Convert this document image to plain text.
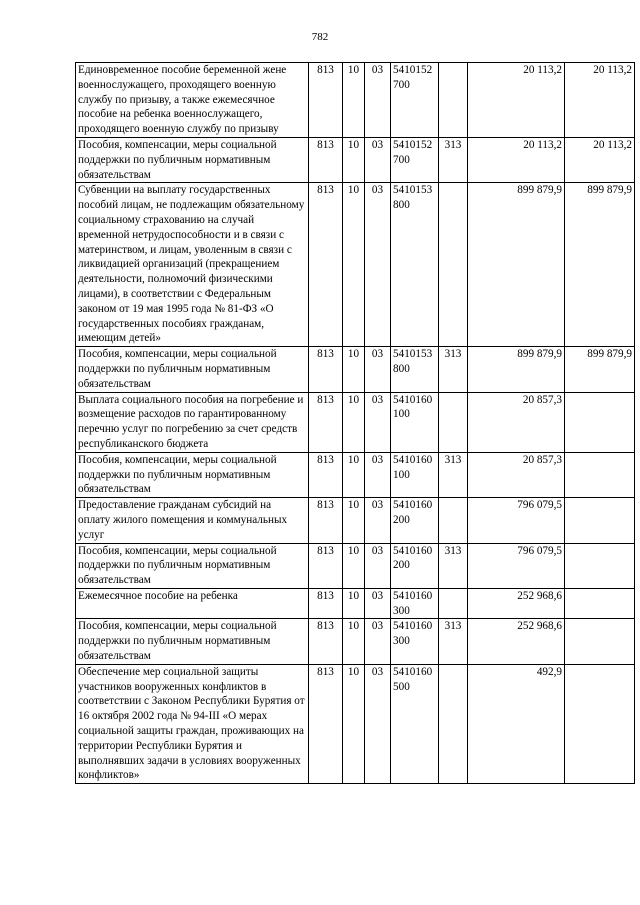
782
Единовременное пособие беременной жене военнослужащего, проходящего военную службу по призыву, а также ежемесячное пособие на ребенка военнослужащего, проходящего военную службу по призыву	813	10	03	5410152700		20 113,2	20 113,2
Пособия, компенсации, меры социальной поддержки по публичным нормативным обязательствам	813	10	03	5410152700	313	20 113,2	20 113,2
Субвенции на выплату государственных пособий лицам, не подлежащим обязательному социальному страхованию на случай временной нетрудоспособности и в связи с материнством, и лицам, уволенным в связи с ликвидацией организаций (прекращением деятельности, полномочий физическими лицами), в соответствии с Федеральным законом от 19 мая 1995 года № 81-ФЗ «О государственных пособиях гражданам, имеющим детей»	813	10	03	5410153800		899 879,9	899 879,9
Пособия, компенсации, меры социальной поддержки по публичным нормативным обязательствам	813	10	03	5410153800	313	899 879,9	899 879,9
Выплата социального пособия на погребение и возмещение расходов по гарантированному перечню услуг по погребению за счет средств республиканского бюджета	813	10	03	5410160100		20 857,3	
Пособия, компенсации, меры социальной поддержки по публичным нормативным обязательствам	813	10	03	5410160100	313	20 857,3	
Предоставление гражданам субсидий на оплату жилого помещения и коммунальных услуг	813	10	03	5410160200		796 079,5	
Пособия, компенсации, меры социальной поддержки по публичным нормативным обязательствам	813	10	03	5410160200	313	796 079,5	
Ежемесячное пособие на ребенка	813	10	03	5410160300		252 968,6	
Пособия, компенсации, меры социальной поддержки по публичным нормативным обязательствам	813	10	03	5410160300	313	252 968,6	
Обеспечение мер социальной защиты участников вооруженных конфликтов в соответствии с Законом Республики Бурятия от 16 октября 2002 года № 94-III «О мерах социальной защиты граждан, проживающих на территории Республики Бурятия и выполнявших задачи в условиях вооруженных конфликтов»	813	10	03	5410160500		492,9	
